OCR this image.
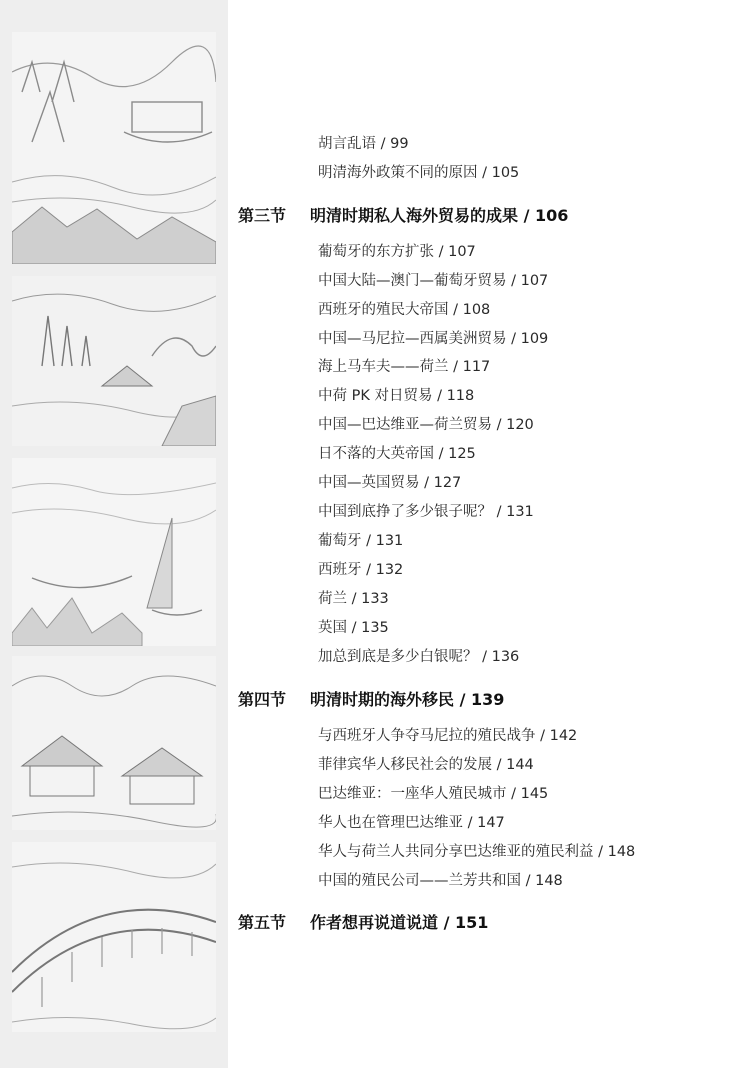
胡言乱语 / 99
明清海外政策不同的原因 / 105
第三节 明清时期私人海外贸易的成果 / 106
葡萄牙的东方扩张 / 107
中国大陆—澳门—葡萄牙贸易 / 107
西班牙的殖民大帝国 / 108
中国—马尼拉—西属美洲贸易 / 109
海上马车夫——荷兰 / 117
中荷 PK 对日贸易 / 118
中国—巴达维亚—荷兰贸易 / 120
日不落的大英帝国 / 125
中国—英国贸易 / 127
中国到底挣了多少银子呢？ / 131
葡萄牙 / 131
西班牙 / 132
荷兰 / 133
英国 / 135
加总到底是多少白银呢？ / 136
第四节 明清时期的海外移民 / 139
与西班牙人争夺马尼拉的殖民战争 / 142
菲律宾华人移民社会的发展 / 144
巴达维亚：一座华人殖民城市 / 145
华人也在管理巴达维亚 / 147
华人与荷兰人共同分享巴达维亚的殖民利益 / 148
中国的殖民公司——兰芳共和国 / 148
第五节 作者想再说道说道 / 151
